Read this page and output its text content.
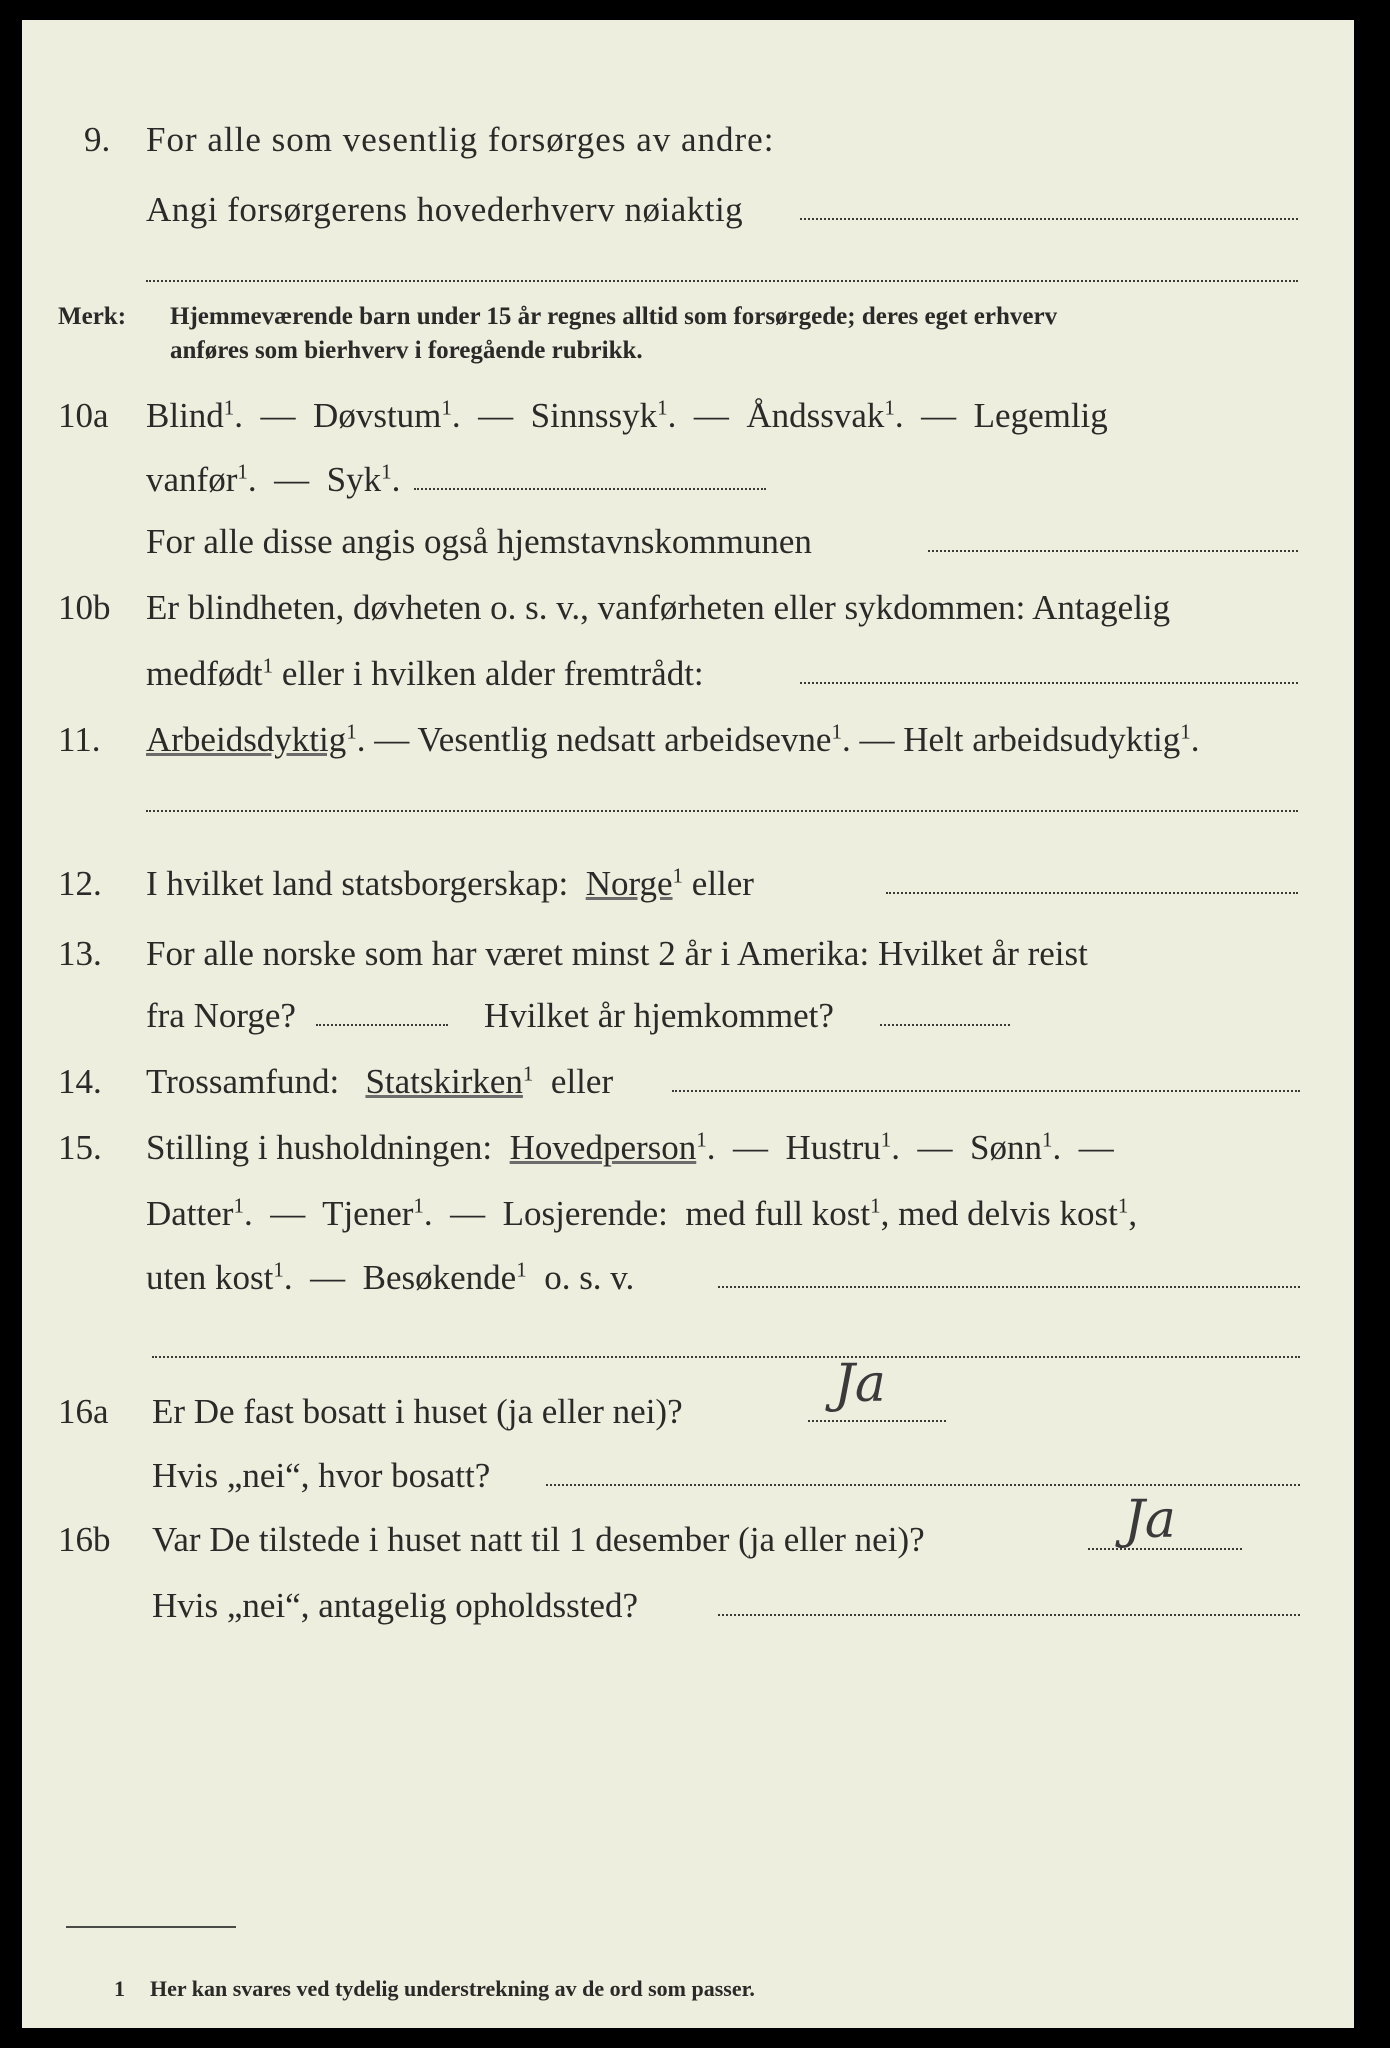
9. For alle som vesentlig forsørges av andre:
Angi forsørgerens hovederhverv nøiaktig
Merk: Hjemmeværende barn under 15 år regnes alltid som forsørgede; deres eget erhverv
anføres som bierhverv i foregående rubrikk.
10a Blind$^1$.  — Døvstum$^1$.  — Sinnssyk$^1$.  — Åndssvak$^1$.  — Legemlig
vanfør$^1$.  — Syk$^1$.
For alle disse angis også hjemstavnskommunen
10b Er blindheten, døvheten o. s. v., vanførheten eller sykdommen: Antagelig
medfødt$^1$ eller i hvilken alder fremtrådt:
11. Arbeidsdyktig$^1$. — Vesentlig nedsatt arbeidsevne$^1$. — Helt arbeidsudyktig$^1$.
12. I hvilket land statsborgerskap: Norge$^1$ eller
13. For alle norske som har været minst 2 år i Amerika: Hvilket år reist
fra Norge?	Hvilket år hjemkommet?
14. Trossamfund: Statskirken$^1$ eller
15. Stilling i husholdningen: Hovedperson$^1$.  — Hustru$^1$.  — Sønn$^1$.  —
Datter$^1$.  — Tjener$^1$.  — Losjerende: med full kost$^1$, med delvis kost$^1$,
uten kost$^1$.  — Besøkende$^1$ o. s. v.
16a Er De fast bosatt i huset (ja eller nei)?	Ja
Hvis „nei“, hvor bosatt?
16b Var De tilstede i huset natt til 1 desember (ja eller nei)?	Ja
Hvis „nei“, antagelig opholdssted?
1 Her kan svares ved tydelig understrekning av de ord som passer.
